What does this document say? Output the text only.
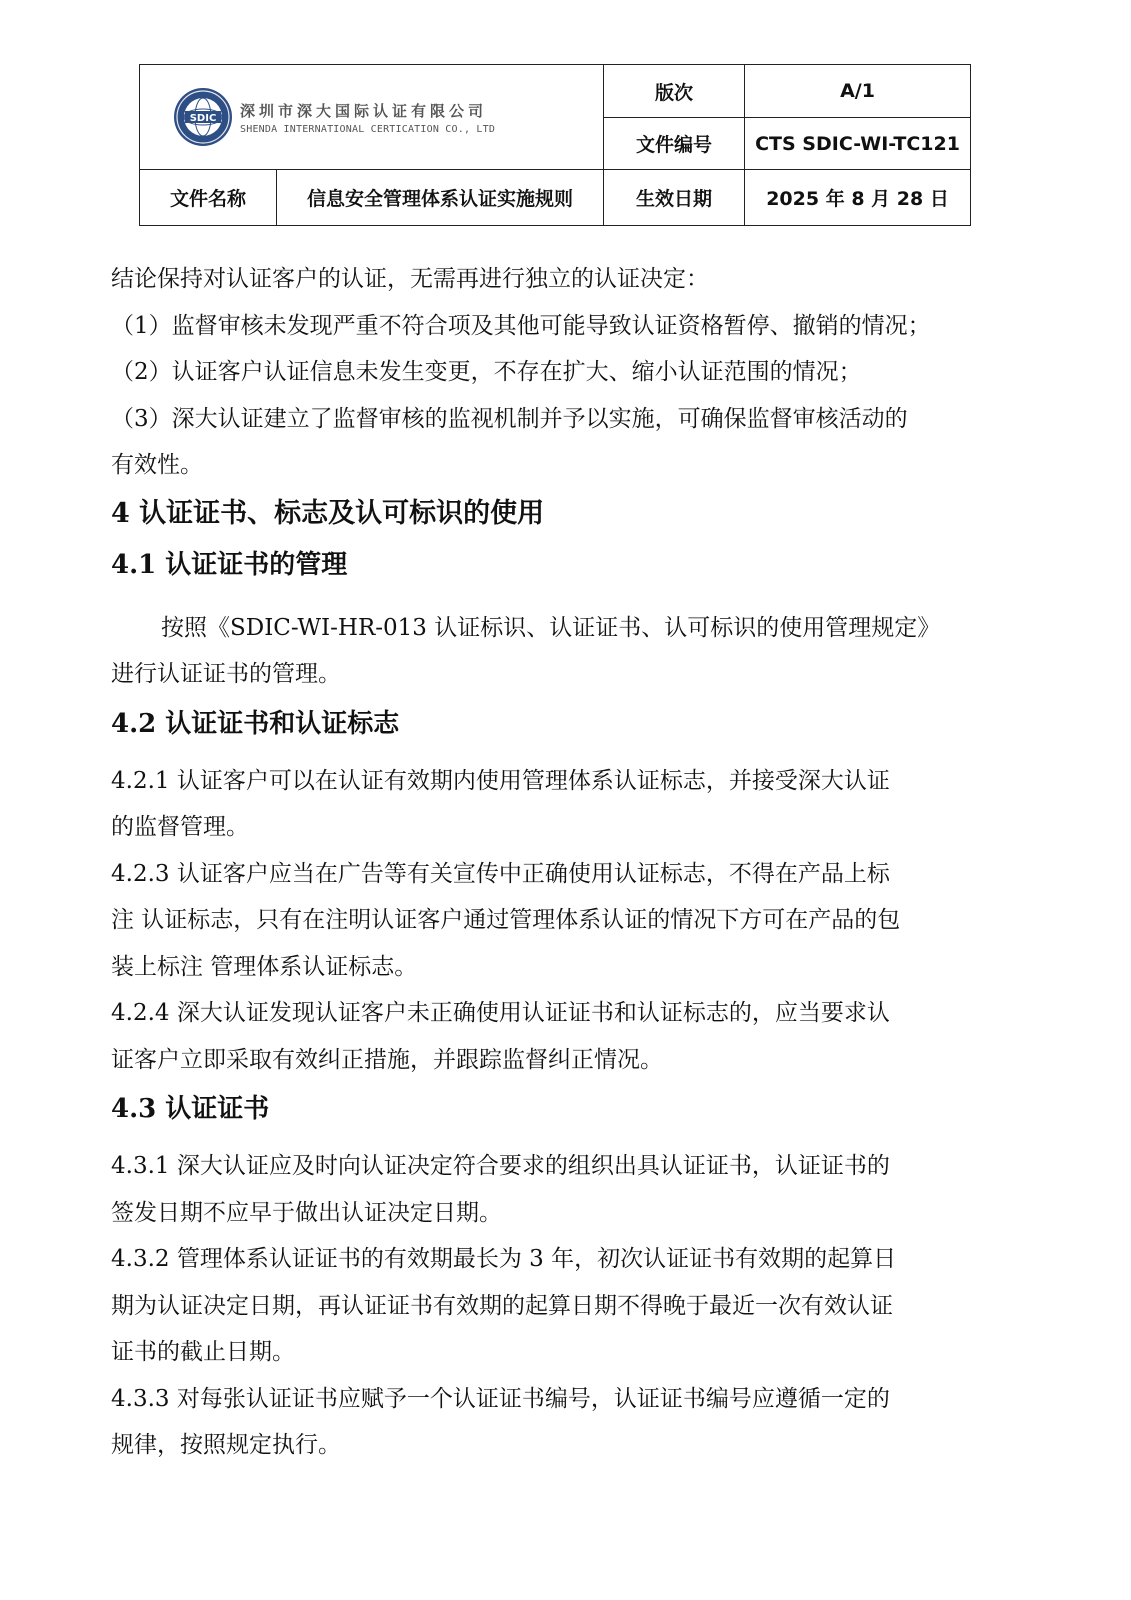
SDIC 深圳市深大国际认证有限公司
SHENDA INTERNATIONAL CERTICATION CO., LTD		版次	A/1
		文件编号	CTS SDIC-WI-TC121
文件名称	信息安全管理体系认证实施规则	生效日期	2025 年 8 月 28 日
结论保持对认证客户的认证，无需再进行独立的认证决定：
（1）监督审核未发现严重不符合项及其他可能导致认证资格暂停、撤销的情况；
（2）认证客户认证信息未发生变更，不存在扩大、缩小认证范围的情况；
（3）深大认证建立了监督审核的监视机制并予以实施，可确保监督审核活动的
有效性。
4 认证证书、标志及认可标识的使用
4.1 认证证书的管理
按照《SDIC-WI-HR-013 认证标识、认证证书、认可标识的使用管理规定》
进行认证证书的管理。
4.2 认证证书和认证标志
4.2.1 认证客户可以在认证有效期内使用管理体系认证标志，并接受深大认证
的监督管理。
4.2.3 认证客户应当在广告等有关宣传中正确使用认证标志，不得在产品上标
注 认证标志，只有在注明认证客户通过管理体系认证的情况下方可在产品的包
装上标注 管理体系认证标志。
4.2.4 深大认证发现认证客户未正确使用认证证书和认证标志的，应当要求认
证客户立即采取有效纠正措施，并跟踪监督纠正情况。
4.3 认证证书
4.3.1 深大认证应及时向认证决定符合要求的组织出具认证证书，认证证书的
签发日期不应早于做出认证决定日期。
4.3.2 管理体系认证证书的有效期最长为 3 年，初次认证证书有效期的起算日
期为认证决定日期，再认证证书有效期的起算日期不得晚于最近一次有效认证
证书的截止日期。
4.3.3 对每张认证证书应赋予一个认证证书编号，认证证书编号应遵循一定的
规律，按照规定执行。
